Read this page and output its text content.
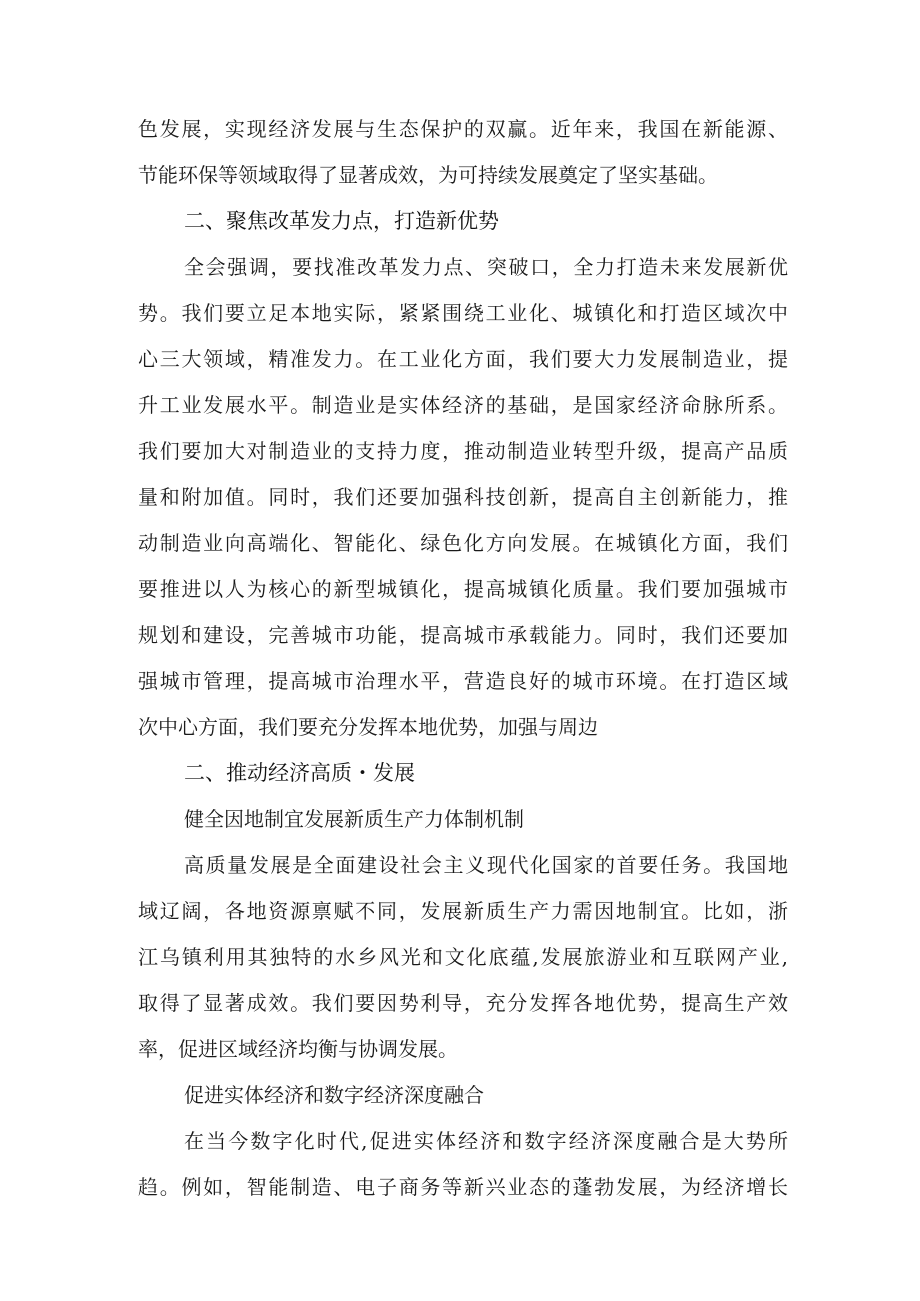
色发展，实现经济发展与生态保护的双赢。近年来，我国在新能源、
节能环保等领域取得了显著成效，为可持续发展奠定了坚实基础。
二、聚焦改革发力点，打造新优势
全会强调，要找准改革发力点、突破口，全力打造未来发展新优
势。我们要立足本地实际，紧紧围绕工业化、城镇化和打造区域次中
心三大领域，精准发力。在工业化方面，我们要大力发展制造业，提
升工业发展水平。制造业是实体经济的基础，是国家经济命脉所系。
我们要加大对制造业的支持力度，推动制造业转型升级，提高产品质
量和附加值。同时，我们还要加强科技创新，提高自主创新能力，推
动制造业向高端化、智能化、绿色化方向发展。在城镇化方面，我们
要推进以人为核心的新型城镇化，提高城镇化质量。我们要加强城市
规划和建设，完善城市功能，提高城市承载能力。同时，我们还要加
强城市管理，提高城市治理水平，营造良好的城市环境。在打造区域
次中心方面，我们要充分发挥本地优势，加强与周边
二、推动经济高质・发展
健全因地制宜发展新质生产力体制机制
高质量发展是全面建设社会主义现代化国家的首要任务。我国地
域辽阔，各地资源禀赋不同，发展新质生产力需因地制宜。比如，浙
江乌镇利用其独特的水乡风光和文化底蕴,发展旅游业和互联网产业,
取得了显著成效。我们要因势利导，充分发挥各地优势，提高生产效
率，促进区域经济均衡与协调发展。
促进实体经济和数字经济深度融合
在当今数字化时代,促进实体经济和数字经济深度融合是大势所
趋。例如，智能制造、电子商务等新兴业态的蓬勃发展，为经济增长
